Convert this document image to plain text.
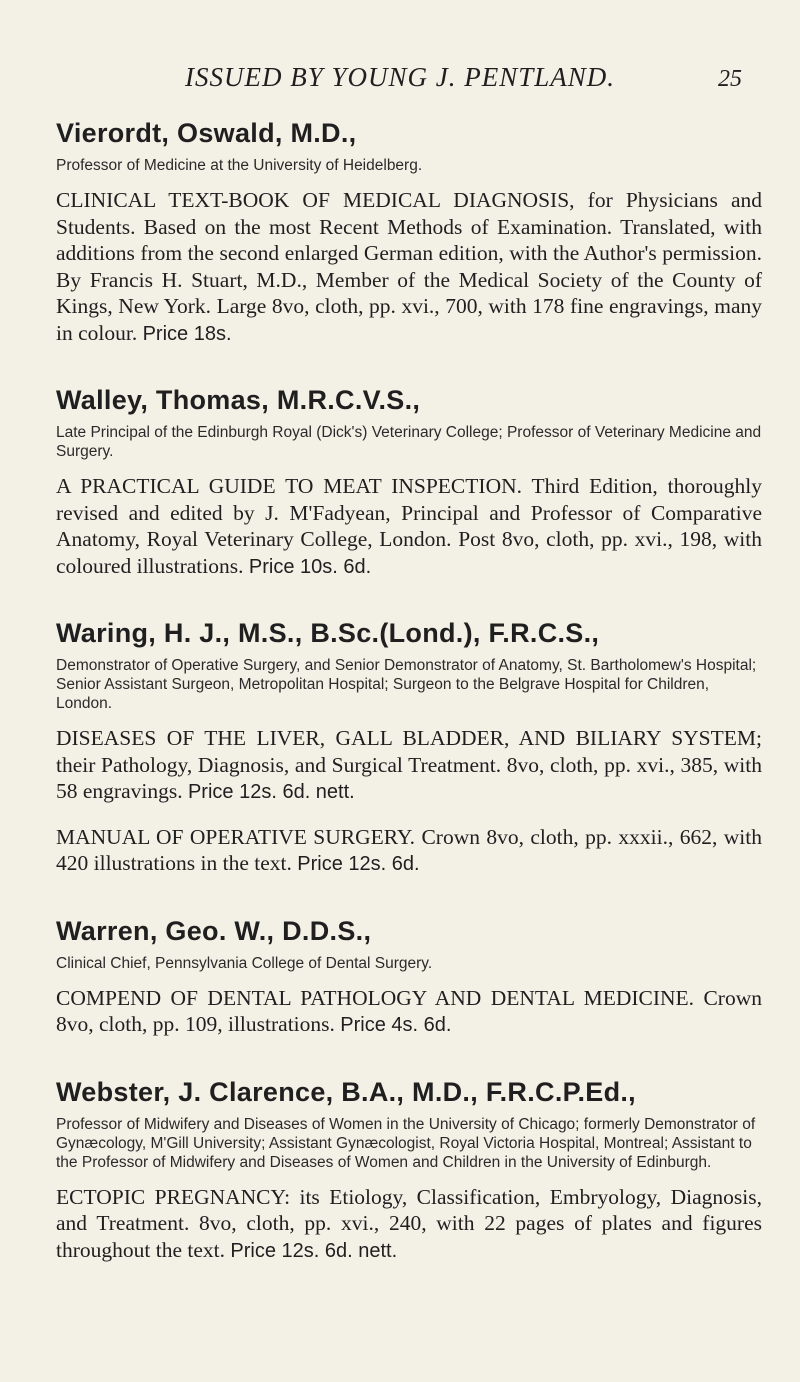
ISSUED BY YOUNG J. PENTLAND.	25
Vierordt, Oswald, M.D.,
Professor of Medicine at the University of Heidelberg.
CLINICAL TEXT-BOOK OF MEDICAL DIAGNOSIS, for Physicians and Students. Based on the most Recent Methods of Examination. Translated, with additions from the second enlarged German edition, with the Author's permission. By Francis H. Stuart, M.D., Member of the Medical Society of the County of Kings, New York. Large 8vo, cloth, pp. xvi., 700, with 178 fine engravings, many in colour. Price 18s.
Walley, Thomas, M.R.C.V.S.,
Late Principal of the Edinburgh Royal (Dick's) Veterinary College; Professor of Veterinary Medicine and Surgery.
A PRACTICAL GUIDE TO MEAT INSPECTION. Third Edition, thoroughly revised and edited by J. M'Fadyean, Principal and Professor of Comparative Anatomy, Royal Veterinary College, London. Post 8vo, cloth, pp. xvi., 198, with coloured illustrations. Price 10s. 6d.
Waring, H. J., M.S., B.Sc.(Lond.), F.R.C.S.,
Demonstrator of Operative Surgery, and Senior Demonstrator of Anatomy, St. Bartholomew's Hospital; Senior Assistant Surgeon, Metropolitan Hospital; Surgeon to the Belgrave Hospital for Children, London.
DISEASES OF THE LIVER, GALL BLADDER, AND BILIARY SYSTEM; their Pathology, Diagnosis, and Surgical Treatment. 8vo, cloth, pp. xvi., 385, with 58 engravings. Price 12s. 6d. nett.
MANUAL OF OPERATIVE SURGERY. Crown 8vo, cloth, pp. xxxii., 662, with 420 illustrations in the text. Price 12s. 6d.
Warren, Geo. W., D.D.S.,
Clinical Chief, Pennsylvania College of Dental Surgery.
COMPEND OF DENTAL PATHOLOGY AND DENTAL MEDICINE. Crown 8vo, cloth, pp. 109, illustrations. Price 4s. 6d.
Webster, J. Clarence, B.A., M.D., F.R.C.P.Ed.,
Professor of Midwifery and Diseases of Women in the University of Chicago; formerly Demonstrator of Gynæcology, M'Gill University; Assistant Gynæcologist, Royal Victoria Hospital, Montreal; Assistant to the Professor of Midwifery and Diseases of Women and Children in the University of Edinburgh.
ECTOPIC PREGNANCY: its Etiology, Classification, Embryology, Diagnosis, and Treatment. 8vo, cloth, pp. xvi., 240, with 22 pages of plates and figures throughout the text. Price 12s. 6d. nett.
